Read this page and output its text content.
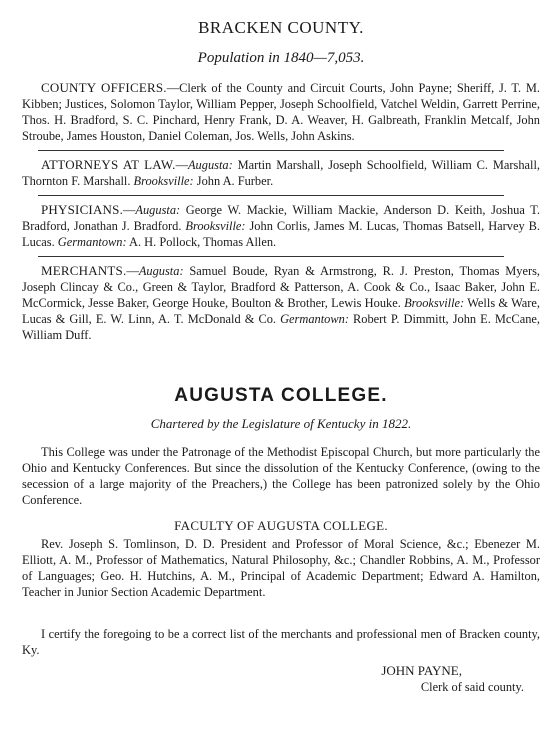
BRACKEN COUNTY.
Population in 1840—7,053.

COUNTY OFFICERS.—Clerk of the County and Circuit Courts, John Payne; Sheriff, J. T. M. Kibben; Justices, Solomon Taylor, William Pepper, Joseph Schoolfield, Vatchel Weldin, Garrett Perrine, Thos. H. Bradford, S. C. Pinchard, Henry Frank, D. A. Weaver, H. Galbreath, Franklin Metcalf, John Stroube, James Houston, Daniel Coleman, Jos. Wells, John Askins.

ATTORNEYS AT LAW.—Augusta: Martin Marshall, Joseph Schoolfield, William C. Marshall, Thornton F. Marshall. Brooksville: John A. Furber.

PHYSICIANS.—Augusta: George W. Mackie, William Mackie, Anderson D. Keith, Joshua T. Bradford, Jonathan J. Bradford. Brooksville: John Corlis, James M. Lucas, Thomas Batsell, Harvey B. Lucas. Germantown: A. H. Pollock, Thomas Allen.

MERCHANTS.—Augusta: Samuel Boude, Ryan & Armstrong, R. J. Preston, Thomas Myers, Joseph Clincay & Co., Green & Taylor, Bradford & Patterson, A. Cook & Co., Isaac Baker, John E. McCormick, Jesse Baker, George Houke, Boulton & Brother, Lewis Houke. Brooksville: Wells & Ware, Lucas & Gill, E. W. Linn, A. T. McDonald & Co. Germantown: Robert P. Dimmitt, John E. McCane, William Duff.

AUGUSTA COLLEGE.
Chartered by the Legislature of Kentucky in 1822.

This College was under the Patronage of the Methodist Episcopal Church, but more particularly the Ohio and Kentucky Conferences. But since the dissolution of the Kentucky Conference, (owing to the secession of a large majority of the Preachers,) the College has been patronized solely by the Ohio Conference.

FACULTY OF AUGUSTA COLLEGE.

Rev. Joseph S. Tomlinson, D. D. President and Professor of Moral Science, &c.; Ebenezer M. Elliott, A. M., Professor of Mathematics, Natural Philosophy, &c.; Chandler Robbins, A. M., Professor of Languages; Geo. H. Hutchins, A. M., Principal of Academic Department; Edward A. Hamilton, Teacher in Junior Section Academic Department.

I certify the foregoing to be a correct list of the merchants and professional men of Bracken county, Ky.

JOHN PAYNE,
Clerk of said county.
